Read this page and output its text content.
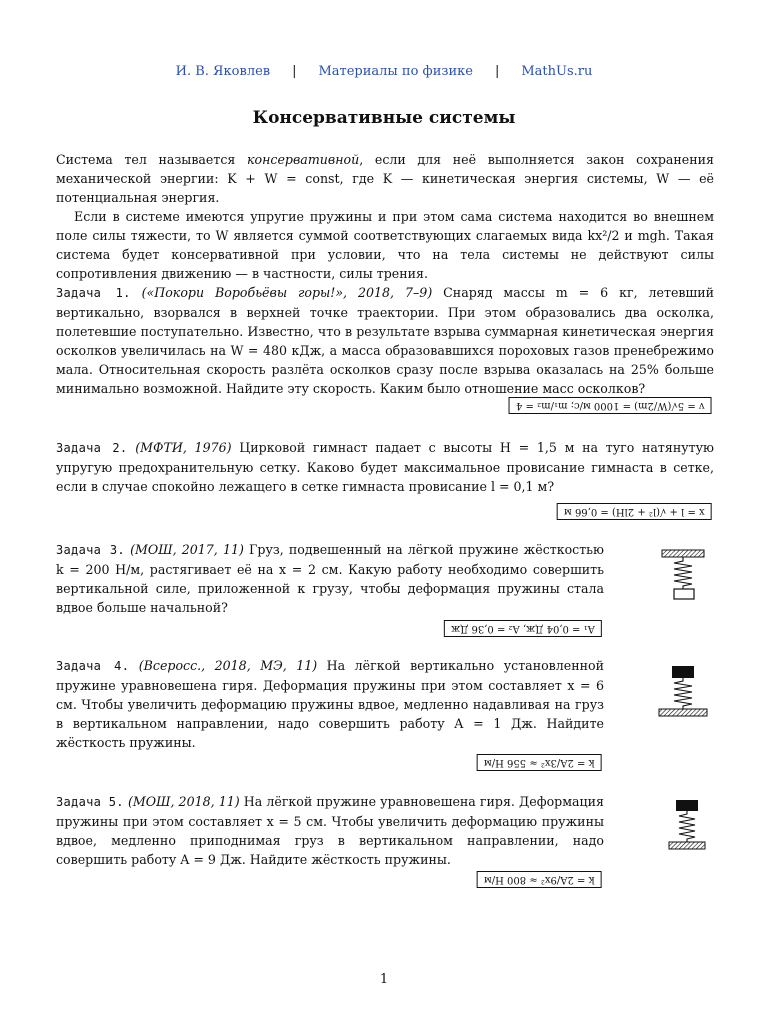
И. В. Яковлев | Материалы по физике | MathUs.ru
Консервативные системы

Система тел называется консервативной, если для неё выполняется закон сохранения механической энергии: K + W = const, где K — кинетическая энергия системы, W — её потенциальная энергия.

Если в системе имеются упругие пружины и при этом сама система находится во внешнем поле силы тяжести, то W является суммой соответствующих слагаемых вида kx²/2 и mgh. Такая система будет консервативной при условии, что на тела системы не действуют силы сопротивления движению — в частности, силы трения.

Задача 1. («Покори Воробьёвы горы!», 2018, 7–9) Снаряд массы m = 6 кг, летевший вертикально, взорвался в верхней точке траектории. При этом образовались два осколка, полетевшие поступательно. Известно, что в результате взрыва суммарная кинетическая энергия осколков увеличилась на W = 480 кДж, а масса образовавшихся пороховых газов пренебрежимо мала. Относительная скорость разлёта осколков сразу после взрыва оказалась на 25% больше минимально возможной. Найдите эту скорость. Каким было отношение масс осколков?

v = 5√(W/2m) = 1000 м/с; m₁/m₂ = 4

Задача 2. (МФТИ, 1976) Цирковой гимнаст падает с высоты H = 1,5 м на туго натянутую упругую предохранительную сетку. Каково будет максимальное провисание гимнаста в сетке, если в случае спокойно лежащего в сетке гимнаста провисание l = 0,1 м?

x = l + √(l² + 2lH) = 0,66 м

Задача 3. (МОШ, 2017, 11) Груз, подвешенный на лёгкой пружине жёсткостью k = 200 Н/м, растягивает её на x = 2 см. Какую работу необходимо совершить вертикальной силе, приложенной к грузу, чтобы деформация пружины стала вдвое больше начальной?

A₁ = 0,04 Дж, A₂ = 0,36 Дж

Задача 4. (Всеросс., 2018, МЭ, 11) На лёгкой вертикально установленной пружине уравновешена гиря. Деформация пружины при этом составляет x = 6 см. Чтобы увеличить деформацию пружины вдвое, медленно надавливая на груз в вертикальном направлении, надо совершить работу A = 1 Дж. Найдите жёсткость пружины.

k = 2A/3x² ≈ 556 Н/м

Задача 5. (МОШ, 2018, 11) На лёгкой пружине уравновешена гиря. Деформация пружины при этом составляет x = 5 см. Чтобы увеличить деформацию пружины вдвое, медленно приподнимая груз в вертикальном направлении, надо совершить работу A = 9 Дж. Найдите жёсткость пружины.

k = 2A/9x² ≈ 800 Н/м
1
